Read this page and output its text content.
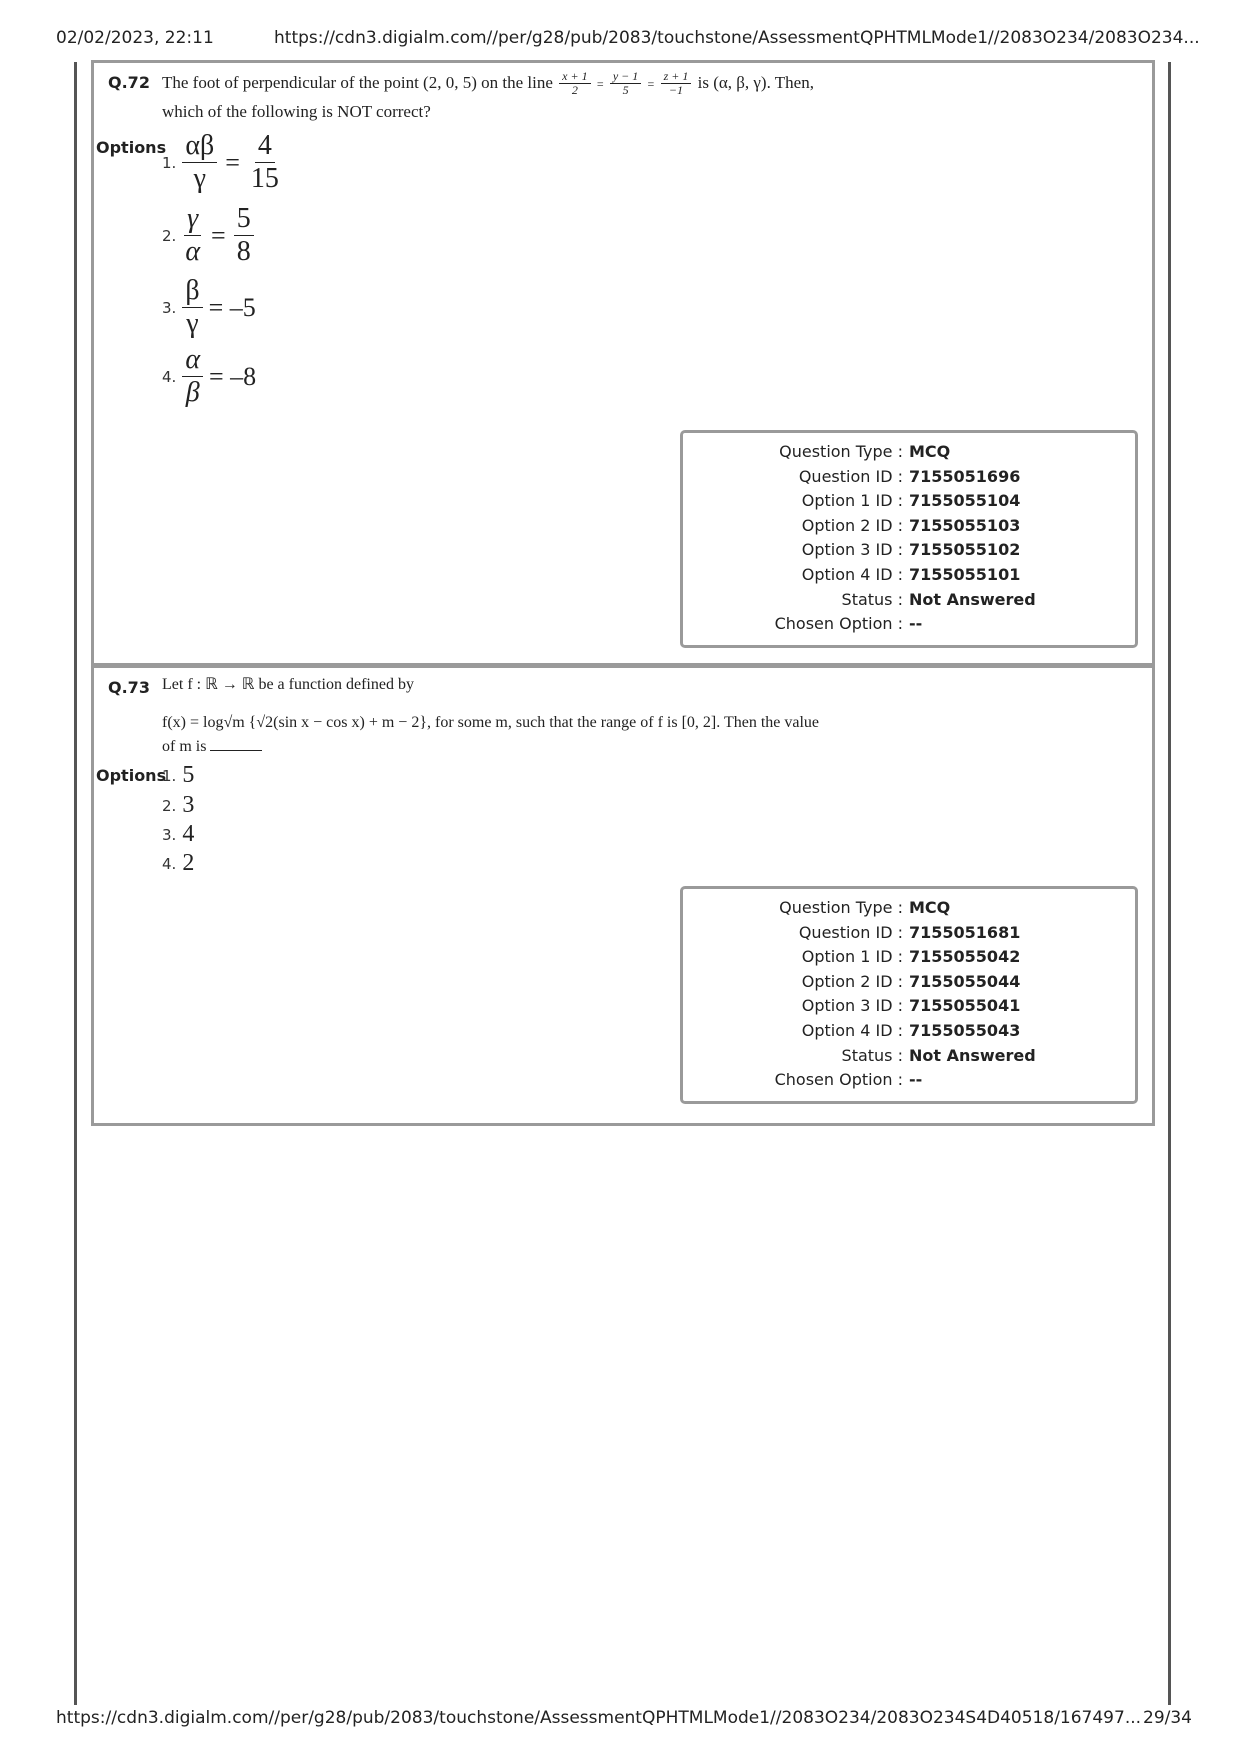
02/02/2023, 22:11	https://cdn3.digialm.com//per/g28/pub/2083/touchstone/AssessmentQPHTMLMode1//2083O234/2083O234...
Q.72 The foot of perpendicular of the point (2, 0, 5) on the line $\frac{x + 1}{2} = \frac{y - 1}{5} = \frac{z + 1}{-1}$ is (α, β, γ). Then,
which of the following is NOT correct?
Options
1. $\frac{\alpha\beta}{\gamma} = \frac{4}{15}$
2. $\frac{\gamma}{\alpha} = \frac{5}{8}$
3. $\frac{\beta}{\gamma} = -5$
4. $\frac{\alpha}{\beta} = -8$
Question Type : MCQ
Question ID : 7155051696
Option 1 ID : 7155055104
Option 2 ID : 7155055103
Option 3 ID : 7155055102
Option 4 ID : 7155055101
Status : Not Answered
Chosen Option : --
Q.73 Let f : ℝ → ℝ be a function defined by
f(x) = log√m {√2(sin x − cos x) + m − 2}, for some m, such that the range of f is [0, 2]. Then the value
of m is
Options
1. 5
2. 3
3. 4
4. 2
Question Type : MCQ
Question ID : 7155051681
Option 1 ID : 7155055042
Option 2 ID : 7155055044
Option 3 ID : 7155055041
Option 4 ID : 7155055043
Status : Not Answered
Chosen Option : --
https://cdn3.digialm.com//per/g28/pub/2083/touchstone/AssessmentQPHTMLMode1//2083O234/2083O234S4D40518/167497... 29/34
